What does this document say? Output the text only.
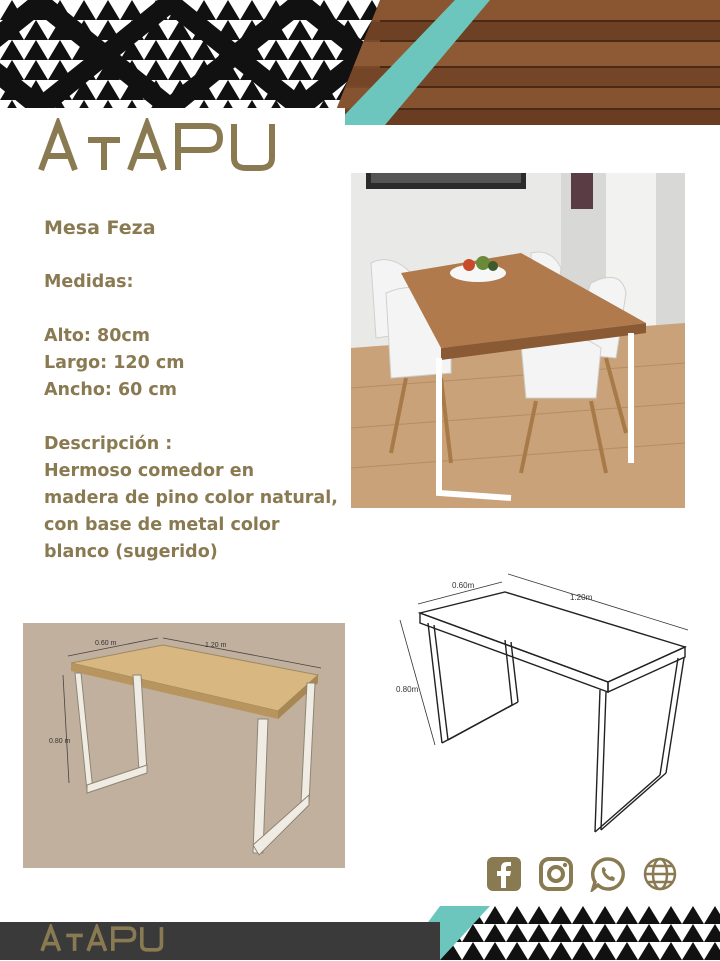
Mesa Feza
Medidas:
Alto: 80cm
Largo: 120 cm
Ancho: 60 cm
Descripción :
Hermoso comedor en
madera de pino color natural,
con base de metal color
blanco (sugerido)
0.60 m	1.20 m
0.80 m
0.60m
1.20m
0.80m
